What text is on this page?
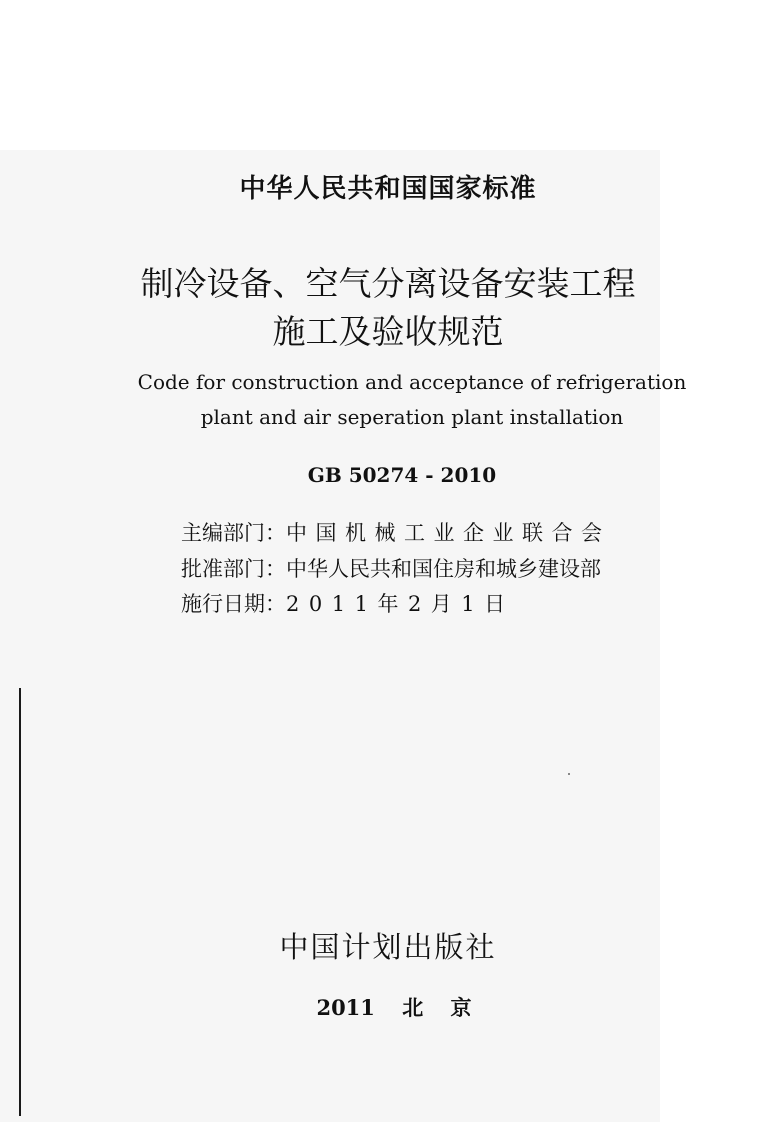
中华人民共和国国家标准
制冷设备、空气分离设备安装工程
施工及验收规范
Code for construction and acceptance of refrigeration
plant and air seperation plant installation
GB 50274 - 2010
主编部门：中国机械工业企业联合会
批准部门：中华人民共和国住房和城乡建设部
施行日期：2011年2月1日
中国计划出版社
2011 北 京
